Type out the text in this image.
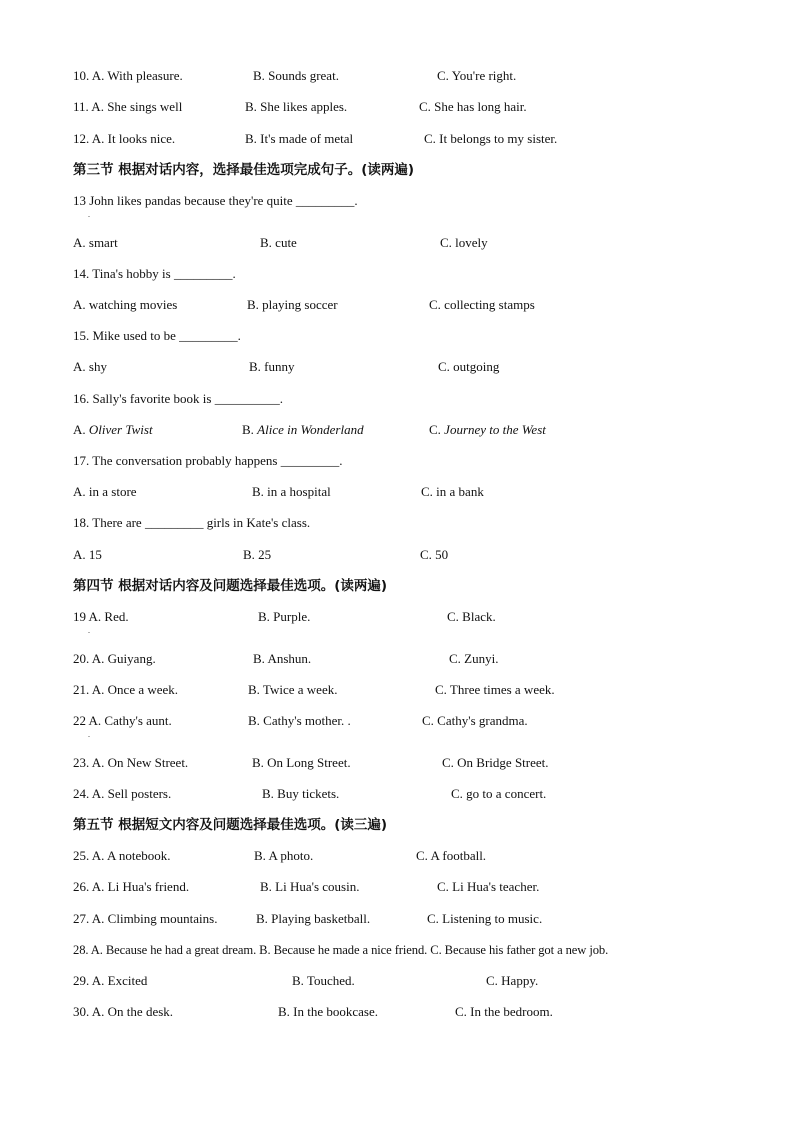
10. A. With pleasure.	B. Sounds great.	C. You're right.
11. A. She sings well	B. She likes apples.	C. She has long hair.
12. A. It looks nice.	B. It's made of metal	C. It belongs to my sister.
第三节 根据对话内容，选择最佳选项完成句子。(读两遍)
13 John likes pandas because they're quite _________.
.
A. smart	B. cute	C. lovely
14. Tina's hobby is _________.
A. watching movies	B. playing soccer	C. collecting stamps
15. Mike used to be _________.
A. shy	B. funny	C. outgoing
16. Sally's favorite book is __________.
A. Oliver Twist	B. Alice in Wonderland	C. Journey to the West
17. The conversation probably happens _________.
A. in a store	B. in a hospital	C. in a bank
18. There are _________ girls in Kate's class.
A. 15	B. 25	C. 50
第四节 根据对话内容及问题选择最佳选项。(读两遍)
19 A. Red.	B. Purple.	C. Black.
.
20. A. Guiyang.	B. Anshun.	C. Zunyi.
21. A. Once a week.	B. Twice a week.	C. Three times a week.
22 A. Cathy's aunt.	B. Cathy's mother. .	C. Cathy's grandma.
.
23. A. On New Street.	B. On Long Street.	C. On Bridge Street.
24. A. Sell posters.	B. Buy tickets.	C. go to a concert.
第五节 根据短文内容及问题选择最佳选项。(读三遍)
25. A. A notebook.	B. A photo.	C. A football.
26. A. Li Hua's friend.	B. Li Hua's cousin.	C. Li Hua's teacher.
27. A. Climbing mountains.	B. Playing basketball.	C. Listening to music.
28. A. Because he had a great dream. B. Because he made a nice friend. C. Because his father got a new job.
29. A. Excited	B. Touched.	C. Happy.
30. A. On the desk.	B. In the bookcase.	C. In the bedroom.
